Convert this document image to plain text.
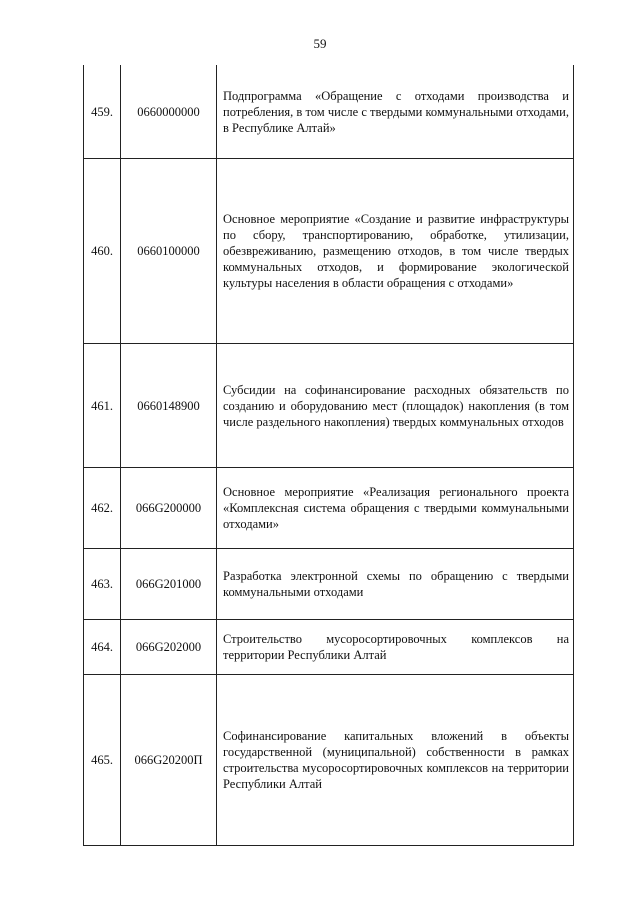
59
459.	0660000000	Подпрограмма «Обращение с отходами производства и потребления, в том числе с твердыми коммунальными отходами, в Республике Алтай»

460.	0660100000	Основное мероприятие «Создание и развитие инфраструктуры по сбору, транспортированию, обработке, утилизации, обезвреживанию, размещению отходов, в том числе твердых коммунальных отходов, и формирование экологической культуры населения в области обращения с отходами»

461.	0660148900	Субсидии на софинансирование расходных обязательств по созданию и оборудованию мест (площадок) накопления (в том числе раздельного накопления) твердых коммунальных отходов

462.	066G200000	Основное мероприятие «Реализация регионального проекта «Комплексная система обращения с твердыми коммунальными отходами»

463.	066G201000	Разработка электронной схемы по обращению с твердыми коммунальными отходами

464.	066G202000	Строительство мусоросортировочных комплексов на территории Республики Алтай

465.	066G20200П	Софинансирование капитальных вложений в объекты государственной (муниципальной) собственности в рамках строительства мусоросортировочных комплексов на территории Республики Алтай
